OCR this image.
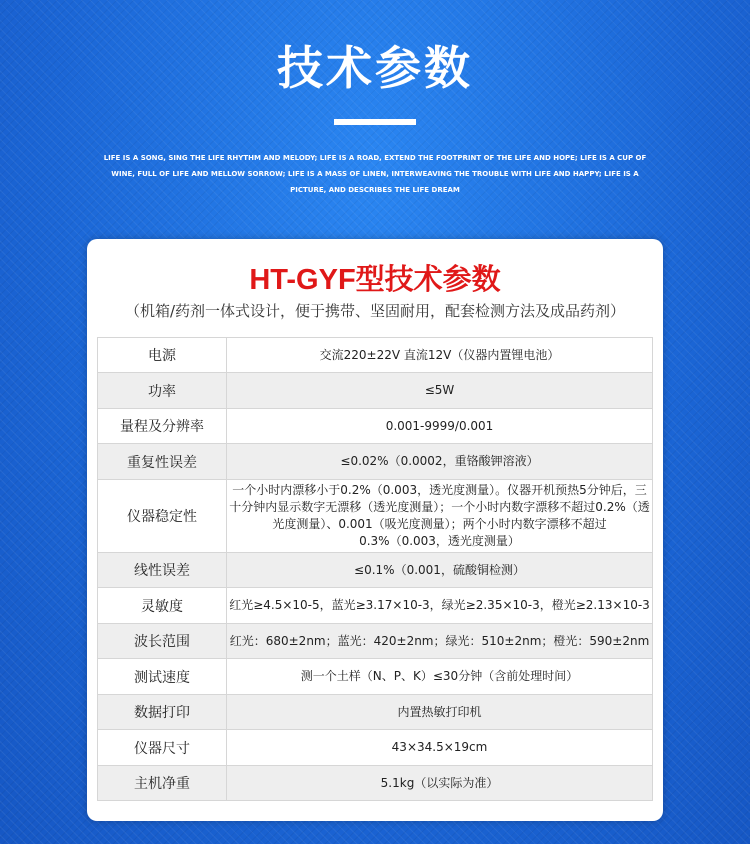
技术参数
LIFE IS A SONG, SING THE LIFE RHYTHM AND MELODY; LIFE IS A ROAD, EXTEND THE FOOTPRINT OF THE LIFE AND HOPE; LIFE IS A CUP OF WINE, FULL OF LIFE AND MELLOW SORROW; LIFE IS A MASS OF LINEN, INTERWEAVING THE TROUBLE WITH LIFE AND HAPPY; LIFE IS A PICTURE, AND DESCRIBES THE LIFE DREAM
HT-GYF型技术参数
（机箱/药剂一体式设计，便于携带、坚固耐用，配套检测方法及成品药剂）
电源	交流220±22V 直流12V（仪器内置锂电池）
功率	≤5W
量程及分辨率	0.001-9999/0.001
重复性误差	≤0.02%（0.0002，重铬酸钾溶液）
仪器稳定性	一个小时内漂移小于0.2%（0.003，透光度测量）。仪器开机预热5分钟后，三十分钟内显示数字无漂移（透光度测量）；一个小时内数字漂移不超过0.2%（透光度测量）、0.001（吸光度测量）；两个小时内数字漂移不超过0.3%（0.003，透光度测量）
线性误差	≤0.1%（0.001，硫酸铜检测）
灵敏度	红光≥4.5×10-5，蓝光≥3.17×10-3，绿光≥2.35×10-3，橙光≥2.13×10-3
波长范围	红光：680±2nm；蓝光：420±2nm；绿光：510±2nm；橙光：590±2nm
测试速度	测一个土样（N、P、K）≤30分钟（含前处理时间）
数据打印	内置热敏打印机
仪器尺寸	43×34.5×19cm
主机净重	5.1kg（以实际为准）
